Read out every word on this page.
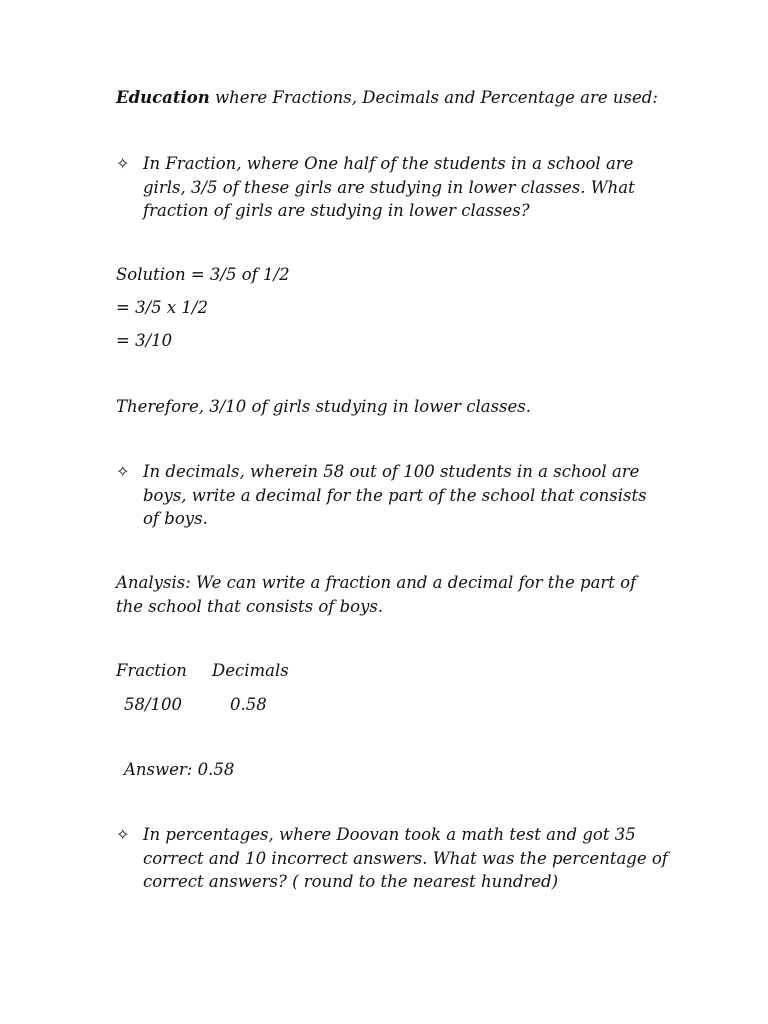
Education where Fractions, Decimals and Percentage are used:
✧ In Fraction, where One half of the students in a school are
girls, 3/5 of these girls are studying in lower classes. What
fraction of girls are studying in lower classes?
Solution = 3/5 of 1/2
= 3/5 x 1/2
= 3/10
Therefore, 3/10 of girls studying in lower classes.
✧ In decimals, wherein 58 out of 100 students in a school are
boys, write a decimal for the part of the school that consists
of boys.
Analysis: We can write a fraction and a decimal for the part of
the school that consists of boys.
Fraction Decimals
58/100	0.58
Answer: 0.58
✧ In percentages, where Doovan took a math test and got 35
correct and 10 incorrect answers. What was the percentage of
correct answers? ( round to the nearest hundred)
